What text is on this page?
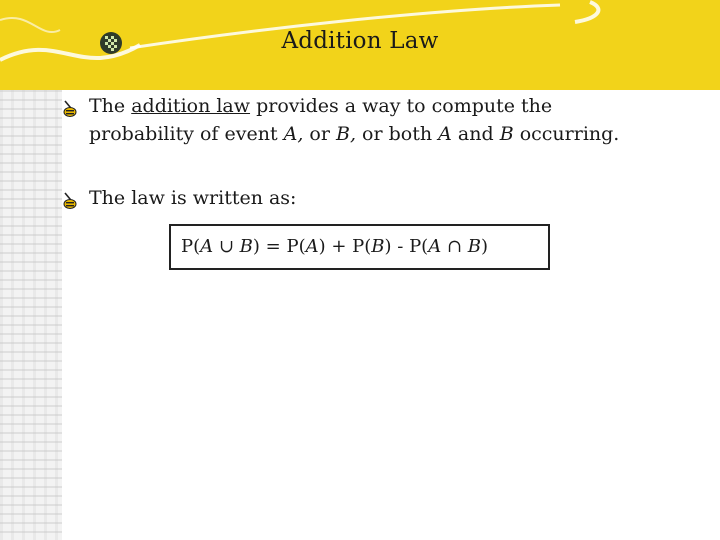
Addition Law
The addition law provides a way to compute the probability of event A, or B, or both A and B occurring.
The law is written as:
P(A ∪ B) = P(A) + P(B) - P(A ∩ B)
